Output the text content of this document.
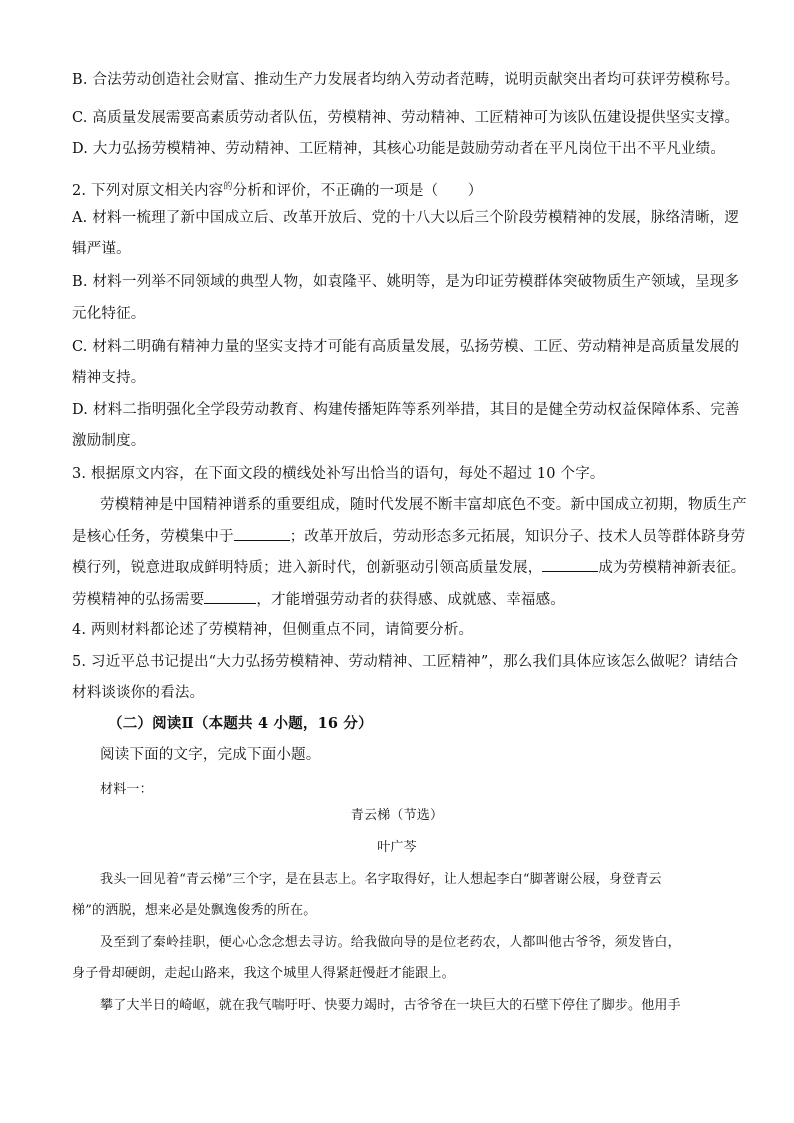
B. 合法劳动创造社会财富、推动生产力发展者均纳入劳动者范畴，说明贡献突出者均可获评劳模称号。
C. 高质量发展需要高素质劳动者队伍，劳模精神、劳动精神、工匠精神可为该队伍建设提供坚实支撑。
D. 大力弘扬劳模精神、劳动精神、工匠精神，其核心功能是鼓励劳动者在平凡岗位干出不平凡业绩。
2. 下列对原文相关内容$^的$分析和评价，不正确的一项是（　　）
A. 材料一梳理了新中国成立后、改革开放后、党的十八大以后三个阶段劳模精神的发展，脉络清晰，逻
辑严谨。
B. 材料一列举不同领域的典型人物，如袁隆平、姚明等，是为印证劳模群体突破物质生产领域，呈现多
元化特征。
C. 材料二明确有精神力量的坚实支持才可能有高质量发展，弘扬劳模、工匠、劳动精神是高质量发展的
精神支持。
D. 材料二指明强化全学段劳动教育、构建传播矩阵等系列举措，其目的是健全劳动权益保障体系、完善
激励制度。
3. 根据原文内容，在下面文段的横线处补写出恰当的语句，每处不超过 10 个字。
劳模精神是中国精神谱系的重要组成，随时代发展不断丰富却底色不变。新中国成立初期，物质生产
是核心任务，劳模集中于	；改革开放后，劳动形态多元拓展，知识分子、技术人员等群体跻身劳
模行列，锐意进取成鲜明特质；进入新时代，创新驱动引领高质量发展，	成为劳模精神新表征。
劳模精神的弘扬需要	，才能增强劳动者的获得感、成就感、幸福感。
4. 两则材料都论述了劳模精神，但侧重点不同，请简要分析。
5. 习近平总书记提出“大力弘扬劳模精神、劳动精神、工匠精神”，那么我们具体应该怎么做呢？请结合
材料谈谈你的看法。
（二）阅读Ⅱ（本题共 4 小题，16 分）
阅读下面的文字，完成下面小题。
材料一：
青云梯（节选）
叶广芩
我头一回见着“青云梯”三个字，是在县志上。名字取得好，让人想起李白“脚著谢公屐，身登青云
梯”的洒脱，想来必是处飘逸俊秀的所在。
及至到了秦岭挂职，便心心念念想去寻访。给我做向导的是位老药农，人都叫他古爷爷，须发皆白，
身子骨却硬朗，走起山路来，我这个城里人得紧赶慢赶才能跟上。
攀了大半日的崎岖，就在我气喘吁吁、快要力竭时，古爷爷在一块巨大的石壁下停住了脚步。他用手
